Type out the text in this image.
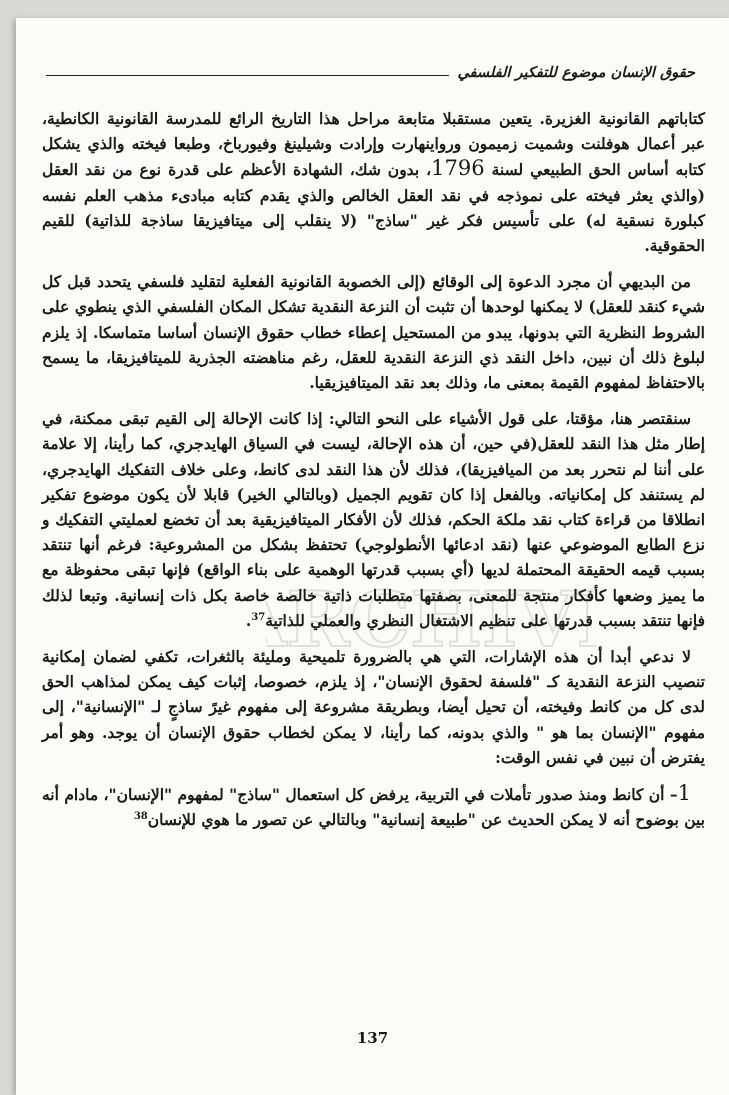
حقوق الإنسان موضوع للتفكير الفلسفي

كتاباتهم القانونية الغزيرة. يتعين مستقبلا متابعة مراحل هذا التاريخ الرائع للمدرسة القانونية الكانطية، عبر أعمال هوفلنت وشميت زميمون ورواينهارت وإرادت وشيلينغ وفيورباخ، وطبعا فيخته والذي يشكل كتابه أساس الحق الطبيعي لسنة 1796، بدون شك، الشهادة الأعظم على قدرة نوع من نقد العقل (والذي يعثر فيخته على نموذجه في نقد العقل الخالص والذي يقدم كتابه مبادىء مذهب العلم نفسه كبلورة نسقية له) على تأسيس فكر غير "ساذج" (لا ينقلب إلى ميتافيزيقا ساذجة للذاتية) للقيم الحقوقية.

من البديهي أن مجرد الدعوة إلى الوقائع (إلى الخصوبة القانونية الفعلية لتقليد فلسفي يتحدد قبل كل شيء كنقد للعقل) لا يمكنها لوحدها أن تثبت أن النزعة النقدية تشكل المكان الفلسفي الذي ينطوي على الشروط النظرية التي بدونها، يبدو من المستحيل إعطاء خطاب حقوق الإنسان أساسا متماسكا. إذ يلزم لبلوغ ذلك أن نبين، داخل النقد ذي النزعة النقدية للعقل، رغم مناهضته الجذرية للميتافيزيقا، ما يسمح بالاحتفاظ لمفهوم القيمة بمعنى ما، وذلك بعد نقد الميتافيزيقيا.

سنقتصر هنا، مؤقتا، على قول الأشياء على النحو التالي: إذا كانت الإحالة إلى القيم تبقى ممكنة، في إطار مثل هذا النقد للعقل(في حين، أن هذه الإحالة، ليست في السياق الهايدجري، كما رأينا، إلا علامة على أننا لم نتحرر بعد من الميافيزيقا)، فذلك لأن هذا النقد لدى كانط، وعلى خلاف التفكيك الهايدجري، لم يستنفد كل إمكانياته. وبالفعل إذا كان تقويم الجميل (وبالتالي الخير) قابلا لأن يكون موضوع تفكير انطلاقا من قراءة كتاب نقد ملكة الحكم، فذلك لأن الأفكار الميتافيزيقية بعد أن تخضع لعمليتي التفكيك و نزع الطابع الموضوعي عنها (نقد ادعائها الأنطولوجي) تحتفظ بشكل من المشروعية: فرغم أنها تنتقد بسبب قيمه الحقيقة المحتملة لديها (أي بسبب قدرتها الوهمية على بناء الواقع) فإنها تبقى محفوظة مع ما يميز وضعها كأفكار منتجة للمعنى، بصفتها متطلبات ذاتية خالصة خاصة بكل ذات إنسانية. وتبعا لذلك فإنها تنتقد بسبب قدرتها على تنظيم الاشتغال النظري والعملي للذاتية$^{37}$.

لا ندعي أبدا أن هذه الإشارات، التي هي بالضرورة تلميحية ومليئة بالثغرات، تكفي لضمان إمكانية تنصيب النزعة النقدية كـ "فلسفة لحقوق الإنسان"، إذ يلزم، خصوصا، إثبات كيف يمكن لمذاهب الحق لدى كل من كانط وفيخته، أن تحيل أيضا، وبطريقة مشروعة إلى مفهوم غيرً ساذجٍ لـ "الإنسانية"، إلى مفهوم "الإنسان بما هو " والذي بدونه، كما رأينا، لا يمكن لخطاب حقوق الإنسان أن يوجد. وهو أمر يفترض أن نبين في نفس الوقت:

1– أن كانط ومنذ صدور تأملات في التربية، يرفض كل استعمال "ساذج" لمفهوم "الإنسان"، مادام أنه بين بوضوح أنه لا يمكن الحديث عن "طبيعة إنسانية" وبالتالي عن تصور ما هوي للإنسان$^{38}$

RCHIV
137
